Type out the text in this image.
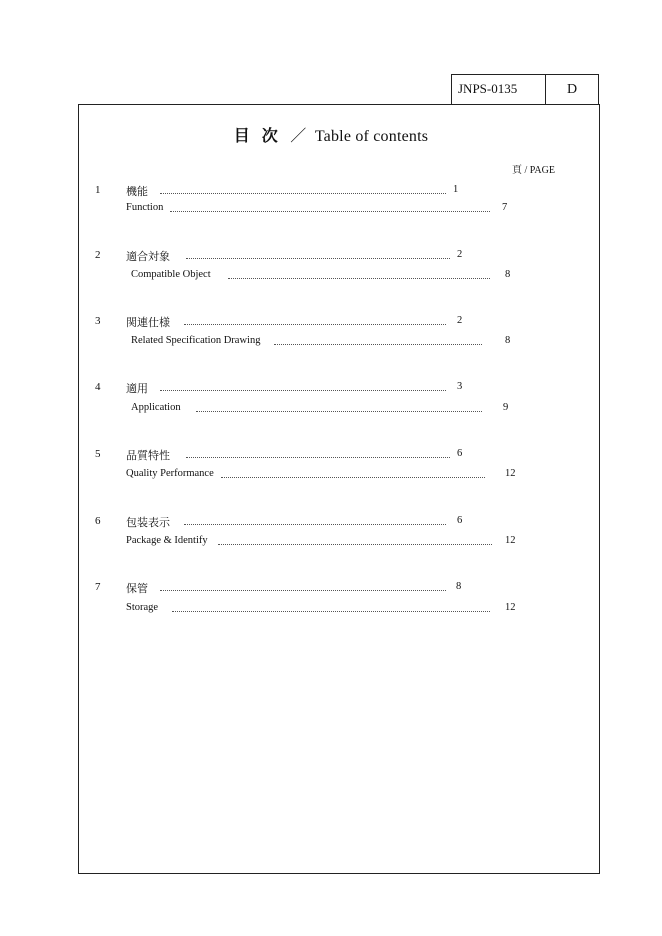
JNPS-0135	D
目 次 ／ Table of contents
頁 / PAGE
1 機能	1
Function	7
2 適合対象	2
Compatible Object	8
3 関連仕様	2
Related Specification Drawing	8
4 適用	3
Application	9
5 品質特性	6
Quality Performance	12
6 包装表示	6
Package & Identify	12
7 保管	8
Storage	12
